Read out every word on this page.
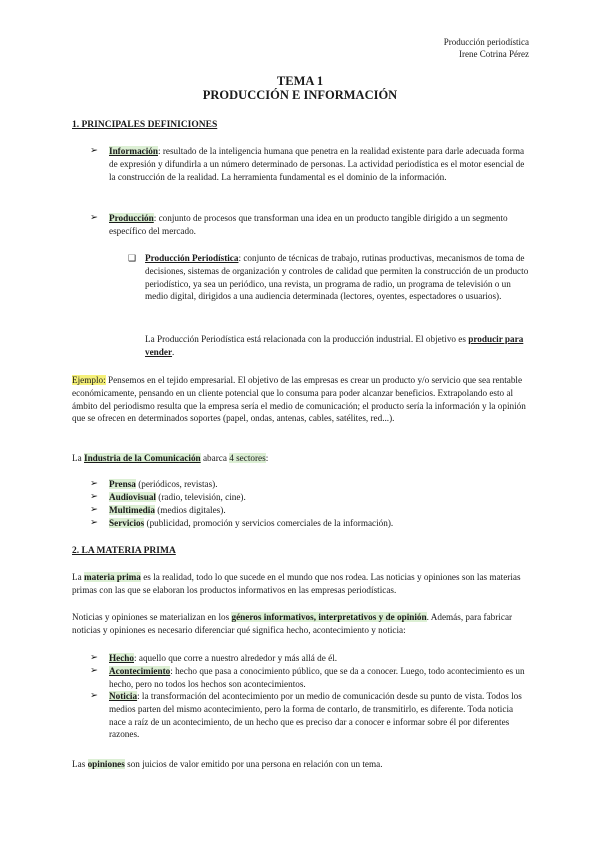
Producción periodística
Irene Cotrina Pérez
TEMA 1
PRODUCCIÓN E INFORMACIÓN
1. PRINCIPALES DEFINICIONES
➢ Información: resultado de la inteligencia humana que penetra en la realidad existente para darle adecuada forma de expresión y difundirla a un número determinado de personas. La actividad periodística es el motor esencial de la construcción de la realidad. La herramienta fundamental es el dominio de la información.
➢ Producción: conjunto de procesos que transforman una idea en un producto tangible dirigido a un segmento específico del mercado.
❑ Producción Periodística: conjunto de técnicas de trabajo, rutinas productivas, mecanismos de toma de decisiones, sistemas de organización y controles de calidad que permiten la construcción de un producto periodístico, ya sea un periódico, una revista, un programa de radio, un programa de televisión o un medio digital, dirigidos a una audiencia determinada (lectores, oyentes, espectadores o usuarios).
La Producción Periodística está relacionada con la producción industrial. El objetivo es producir para vender.
Ejemplo: Pensemos en el tejido empresarial. El objetivo de las empresas es crear un producto y/o servicio que sea rentable económicamente, pensando en un cliente potencial que lo consuma para poder alcanzar beneficios. Extrapolando esto al ámbito del periodismo resulta que la empresa sería el medio de comunicación; el producto sería la información y la opinión que se ofrecen en determinados soportes (papel, ondas, antenas, cables, satélites, red...).
La Industria de la Comunicación abarca 4 sectores:
➢ Prensa (periódicos, revistas).
➢ Audiovisual (radio, televisión, cine).
➢ Multimedia (medios digitales).
➢ Servicios (publicidad, promoción y servicios comerciales de la información).
2. LA MATERIA PRIMA
La materia prima es la realidad, todo lo que sucede en el mundo que nos rodea. Las noticias y opiniones son las materias primas con las que se elaboran los productos informativos en las empresas periodísticas.
Noticias y opiniones se materializan en los géneros informativos, interpretativos y de opinión. Además, para fabricar noticias y opiniones es necesario diferenciar qué significa hecho, acontecimiento y noticia:
➢ Hecho: aquello que corre a nuestro alrededor y más allá de él.
➢ Acontecimiento: hecho que pasa a conocimiento público, que se da a conocer. Luego, todo acontecimiento es un hecho, pero no todos los hechos son acontecimientos.
➢ Noticia: la transformación del acontecimiento por un medio de comunicación desde su punto de vista. Todos los medios parten del mismo acontecimiento, pero la forma de contarlo, de transmitirlo, es diferente. Toda noticia nace a raíz de un acontecimiento, de un hecho que es preciso dar a conocer e informar sobre él por diferentes razones.
Las opiniones son juicios de valor emitido por una persona en relación con un tema.
